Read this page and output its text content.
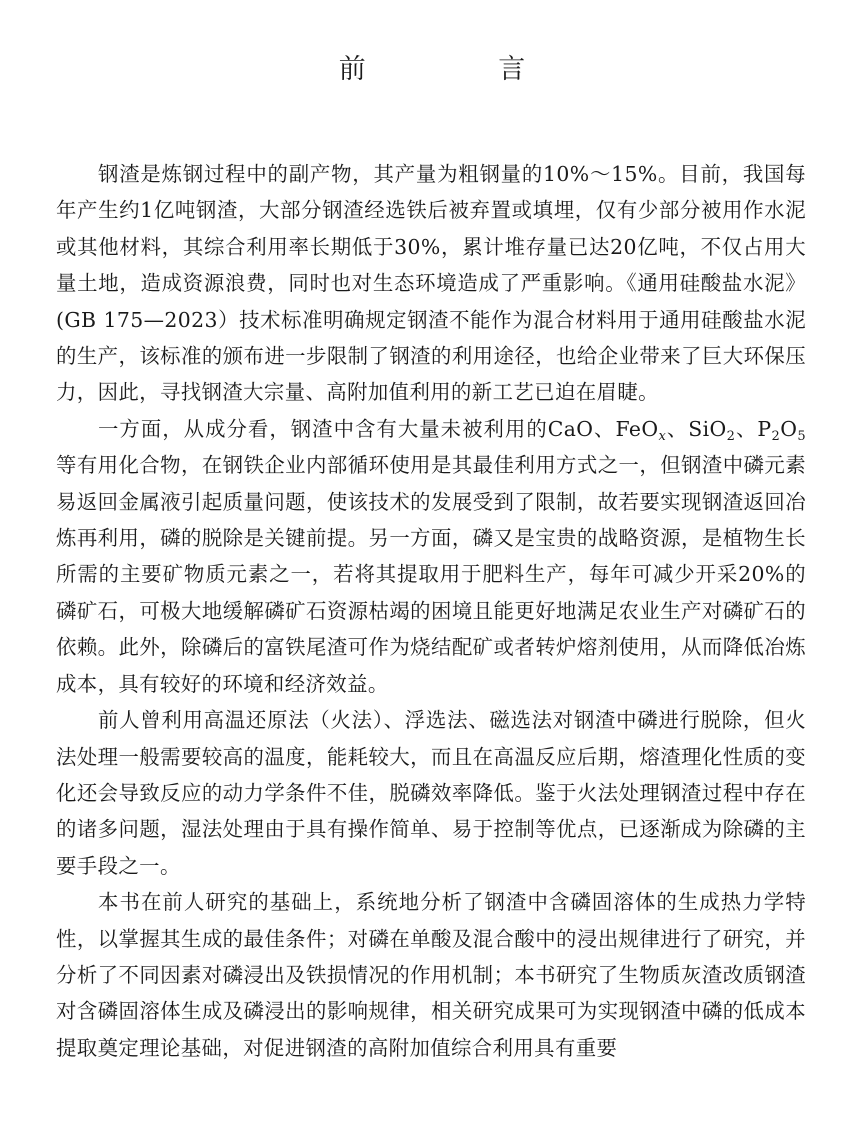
前 言

钢渣是炼钢过程中的副产物，其产量为粗钢量的10%～15%。目前，我国每年产生约1亿吨钢渣，大部分钢渣经选铁后被弃置或填埋，仅有少部分被用作水泥或其他材料，其综合利用率长期低于30%，累计堆存量已达20亿吨，不仅占用大量土地，造成资源浪费，同时也对生态环境造成了严重影响。《通用硅酸盐水泥》(GB 175—2023）技术标准明确规定钢渣不能作为混合材料用于通用硅酸盐水泥的生产，该标准的颁布进一步限制了钢渣的利用途径，也给企业带来了巨大环保压力，因此，寻找钢渣大宗量、高附加值利用的新工艺已迫在眉睫。

一方面，从成分看，钢渣中含有大量未被利用的CaO、FeO$_x$、SiO$_2$、$P_2O_5$等有用化合物，在钢铁企业内部循环使用是其最佳利用方式之一，但钢渣中磷元素易返回金属液引起质量问题，使该技术的发展受到了限制，故若要实现钢渣返回冶炼再利用，磷的脱除是关键前提。另一方面，磷又是宝贵的战略资源，是植物生长所需的主要矿物质元素之一，若将其提取用于肥料生产，每年可减少开采20%的磷矿石，可极大地缓解磷矿石资源枯竭的困境且能更好地满足农业生产对磷矿石的依赖。此外，除磷后的富铁尾渣可作为烧结配矿或者转炉熔剂使用，从而降低冶炼成本，具有较好的环境和经济效益。

前人曾利用高温还原法（火法）、浮选法、磁选法对钢渣中磷进行脱除，但火法处理一般需要较高的温度，能耗较大，而且在高温反应后期，熔渣理化性质的变化还会导致反应的动力学条件不佳，脱磷效率降低。鉴于火法处理钢渣过程中存在的诸多问题，湿法处理由于具有操作简单、易于控制等优点，已逐渐成为除磷的主要手段之一。

本书在前人研究的基础上，系统地分析了钢渣中含磷固溶体的生成热力学特性，以掌握其生成的最佳条件；对磷在单酸及混合酸中的浸出规律进行了研究，并分析了不同因素对磷浸出及铁损情况的作用机制；本书研究了生物质灰渣改质钢渣对含磷固溶体生成及磷浸出的影响规律，相关研究成果可为实现钢渣中磷的低成本提取奠定理论基础，对促进钢渣的高附加值综合利用具有重要
